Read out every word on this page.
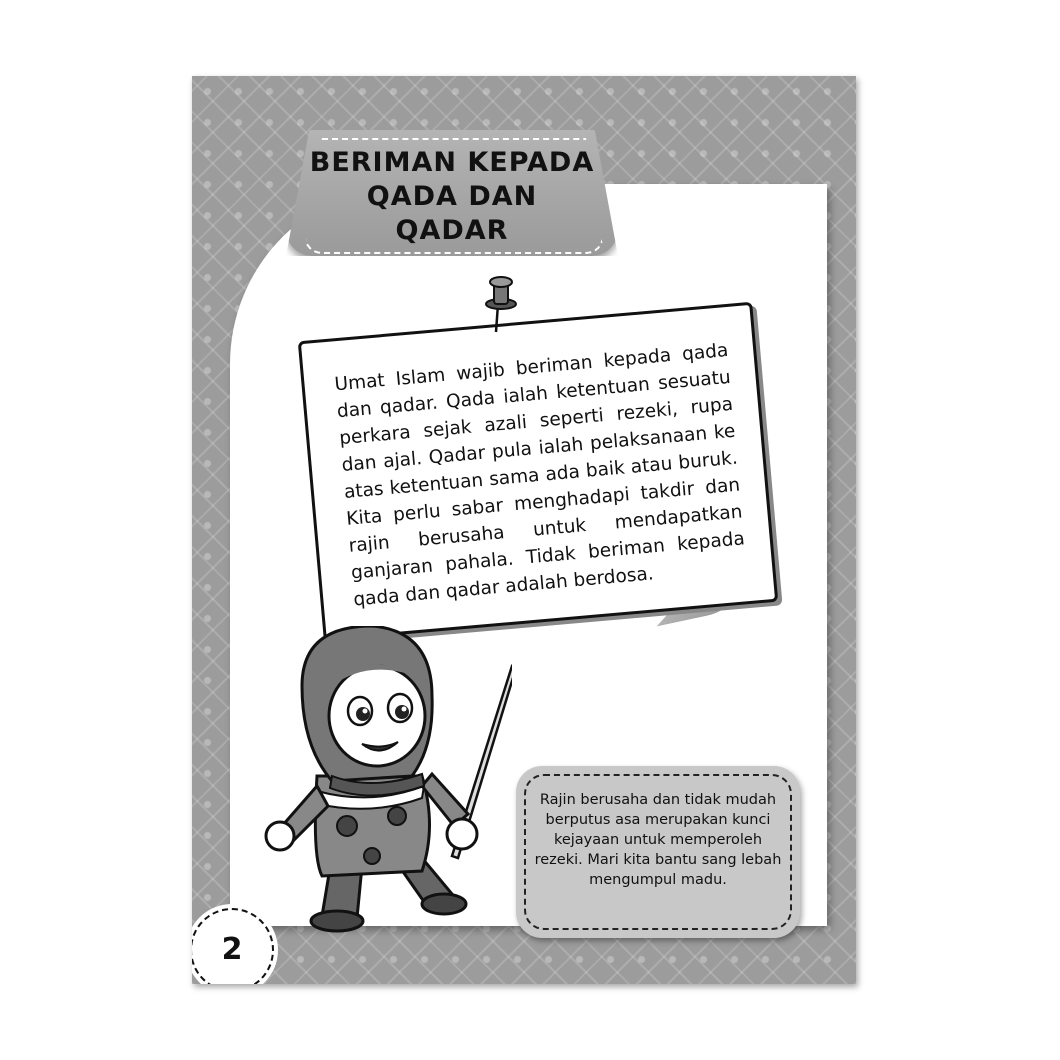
BERIMAN KEPADA
QADA DAN
QADAR
Umat Islam wajib beriman kepada qada dan qadar. Qada ialah ketentuan sesuatu perkara sejak azali seperti rezeki, rupa dan ajal. Qadar pula ialah pelaksanaan ke atas ketentuan sama ada baik atau buruk. Kita perlu sabar menghadapi takdir dan rajin berusaha untuk mendapatkan ganjaran pahala. Tidak beriman kepada qada dan qadar adalah berdosa.
Rajin berusaha dan tidak mudah berputus asa merupakan kunci kejayaan untuk memperoleh rezeki. Mari kita bantu sang lebah mengumpul madu.
2
